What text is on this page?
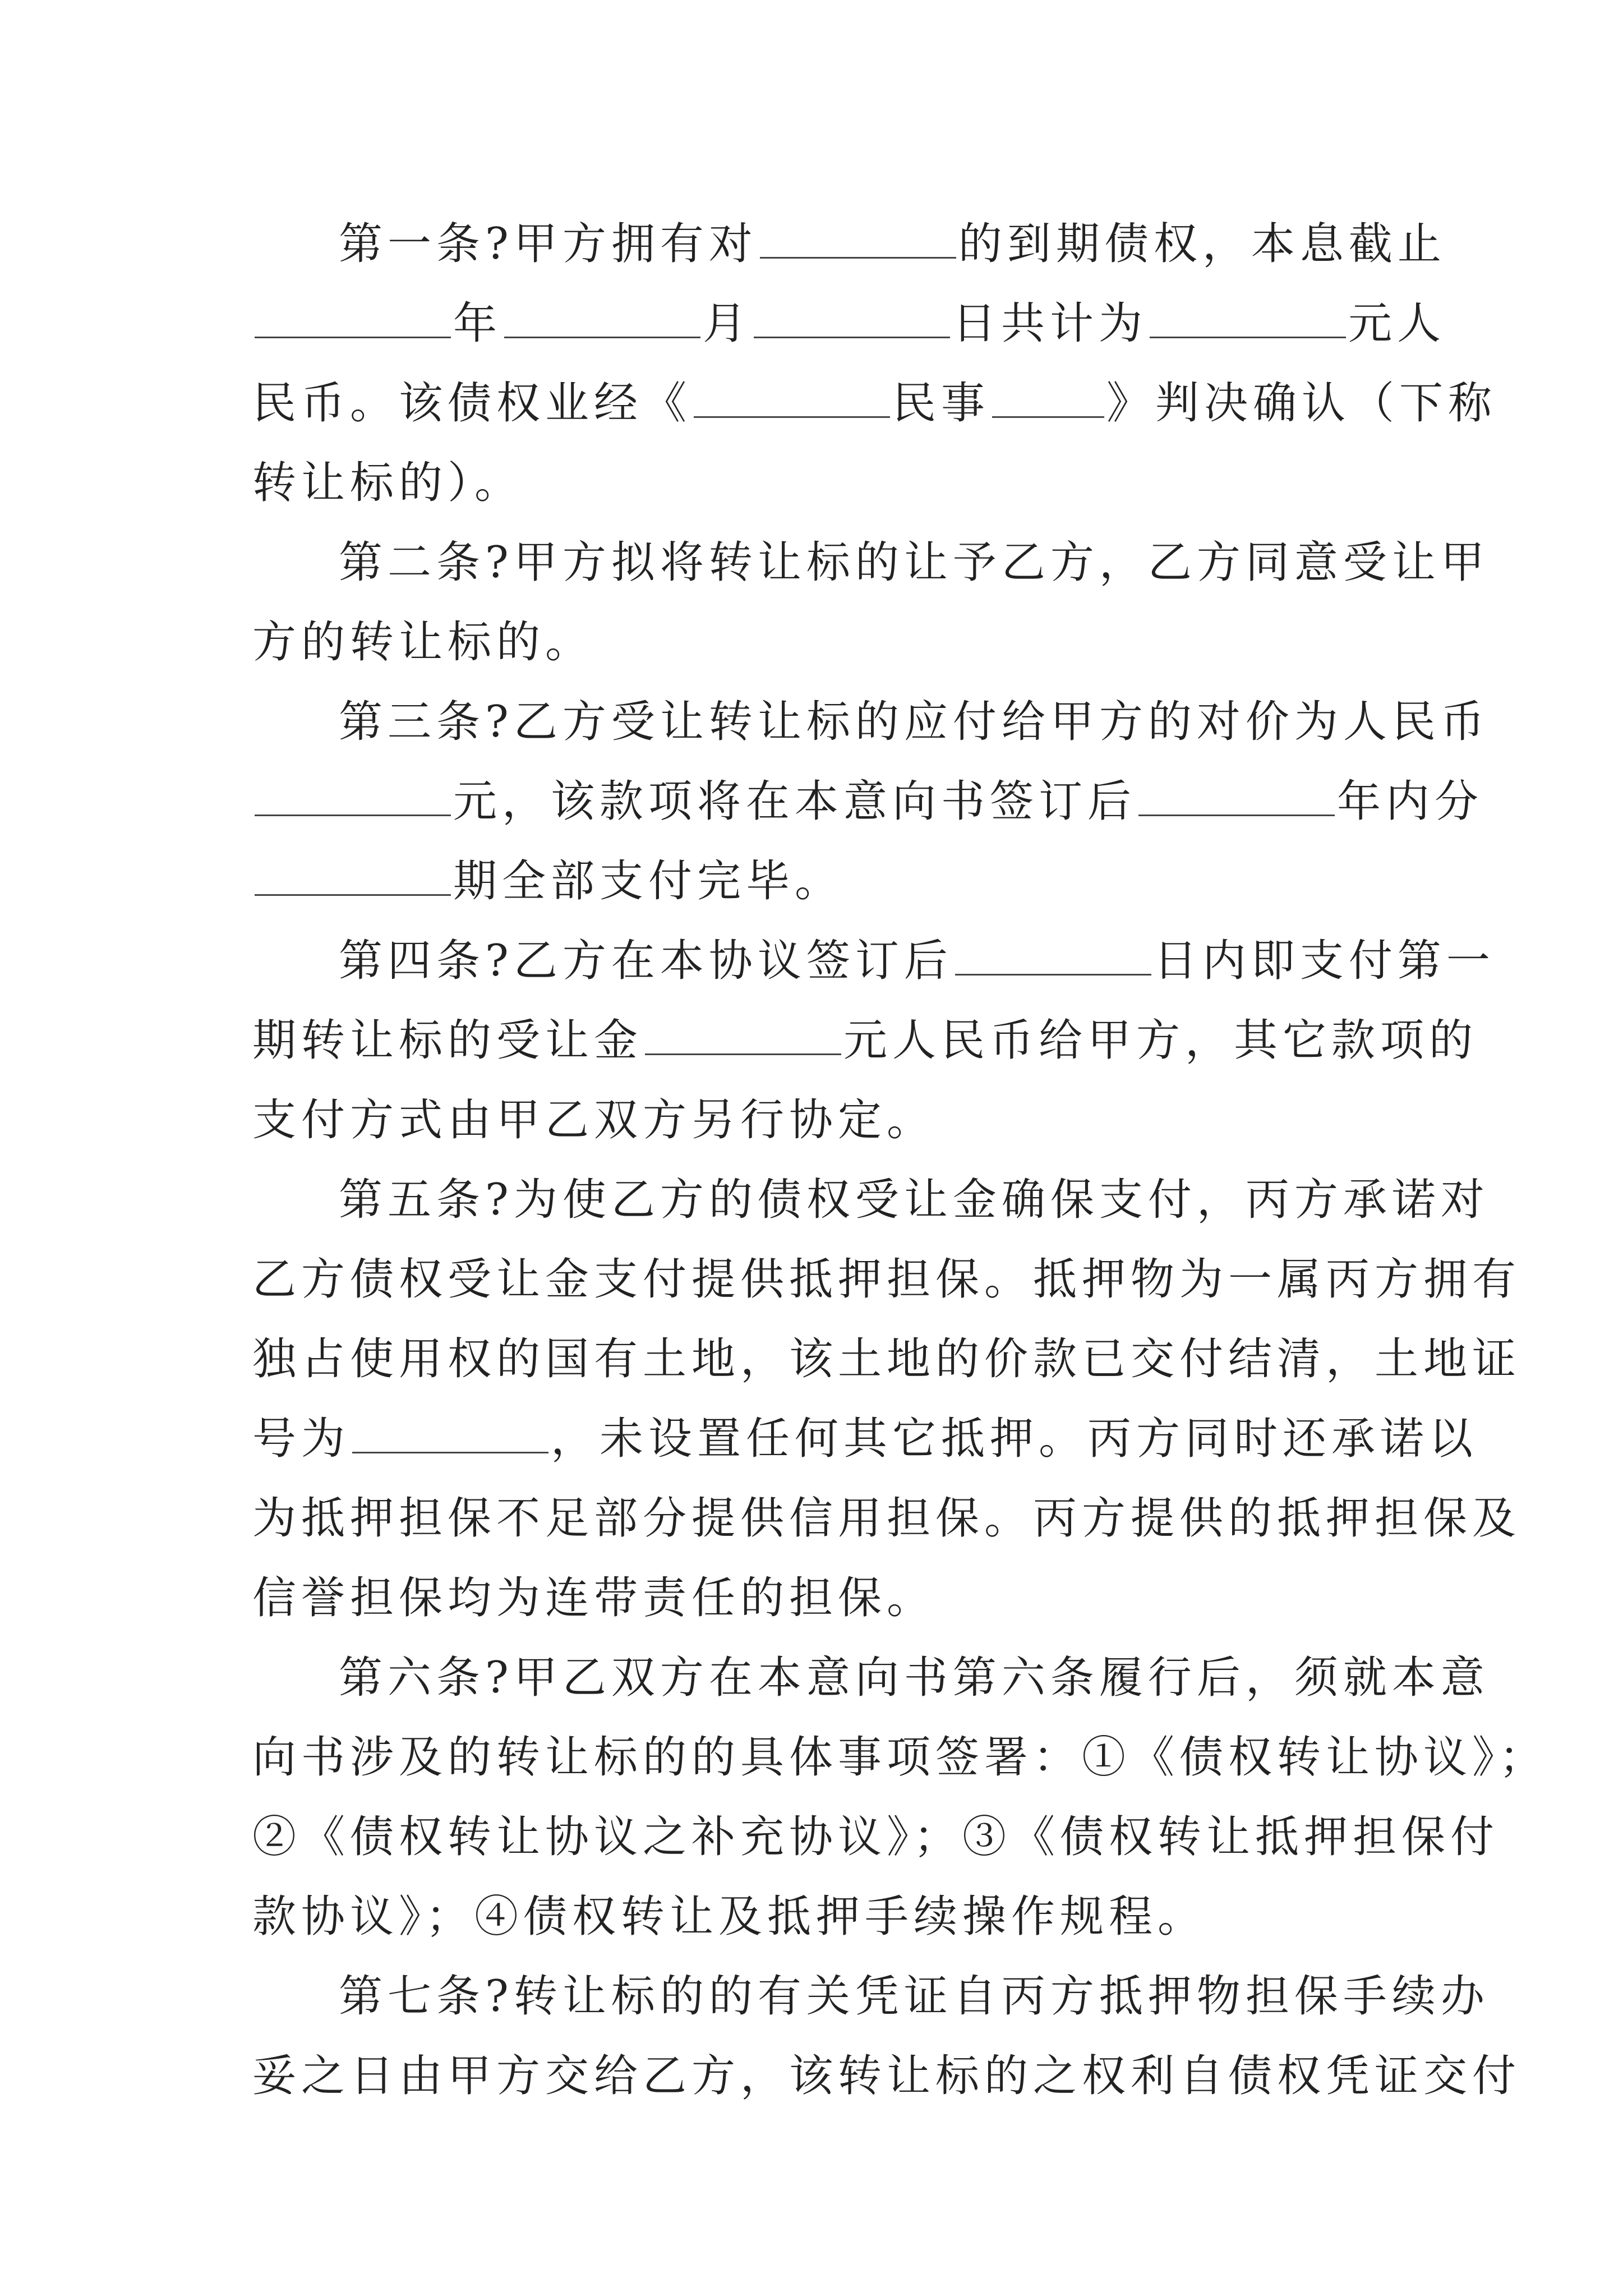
第一条?甲方拥有对	的到期债权，本息截止
年	月	日共计为	元人
民币。该债权业经《	民事	》判决确认（下称
转让标的）。
第二条?甲方拟将转让标的让予乙方，乙方同意受让甲
方的转让标的。
第三条?乙方受让转让标的应付给甲方的对价为人民币
元，该款项将在本意向书签订后	年内分
期全部支付完毕。
第四条?乙方在本协议签订后	日内即支付第一
期转让标的受让金	元人民币给甲方，其它款项的
支付方式由甲乙双方另行协定。
第五条?为使乙方的债权受让金确保支付，丙方承诺对
乙方债权受让金支付提供抵押担保。抵押物为一属丙方拥有
独占使用权的国有土地，该土地的价款已交付结清，土地证
号为	，未设置任何其它抵押。丙方同时还承诺以
为抵押担保不足部分提供信用担保。丙方提供的抵押担保及
信誉担保均为连带责任的担保。
第六条?甲乙双方在本意向书第六条履行后，须就本意
向书涉及的转让标的的具体事项签署：①《债权转让协议》；
②《债权转让协议之补充协议》；③《债权转让抵押担保付
款协议》；④债权转让及抵押手续操作规程。
第七条?转让标的的有关凭证自丙方抵押物担保手续办
妥之日由甲方交给乙方，该转让标的之权利自债权凭证交付
